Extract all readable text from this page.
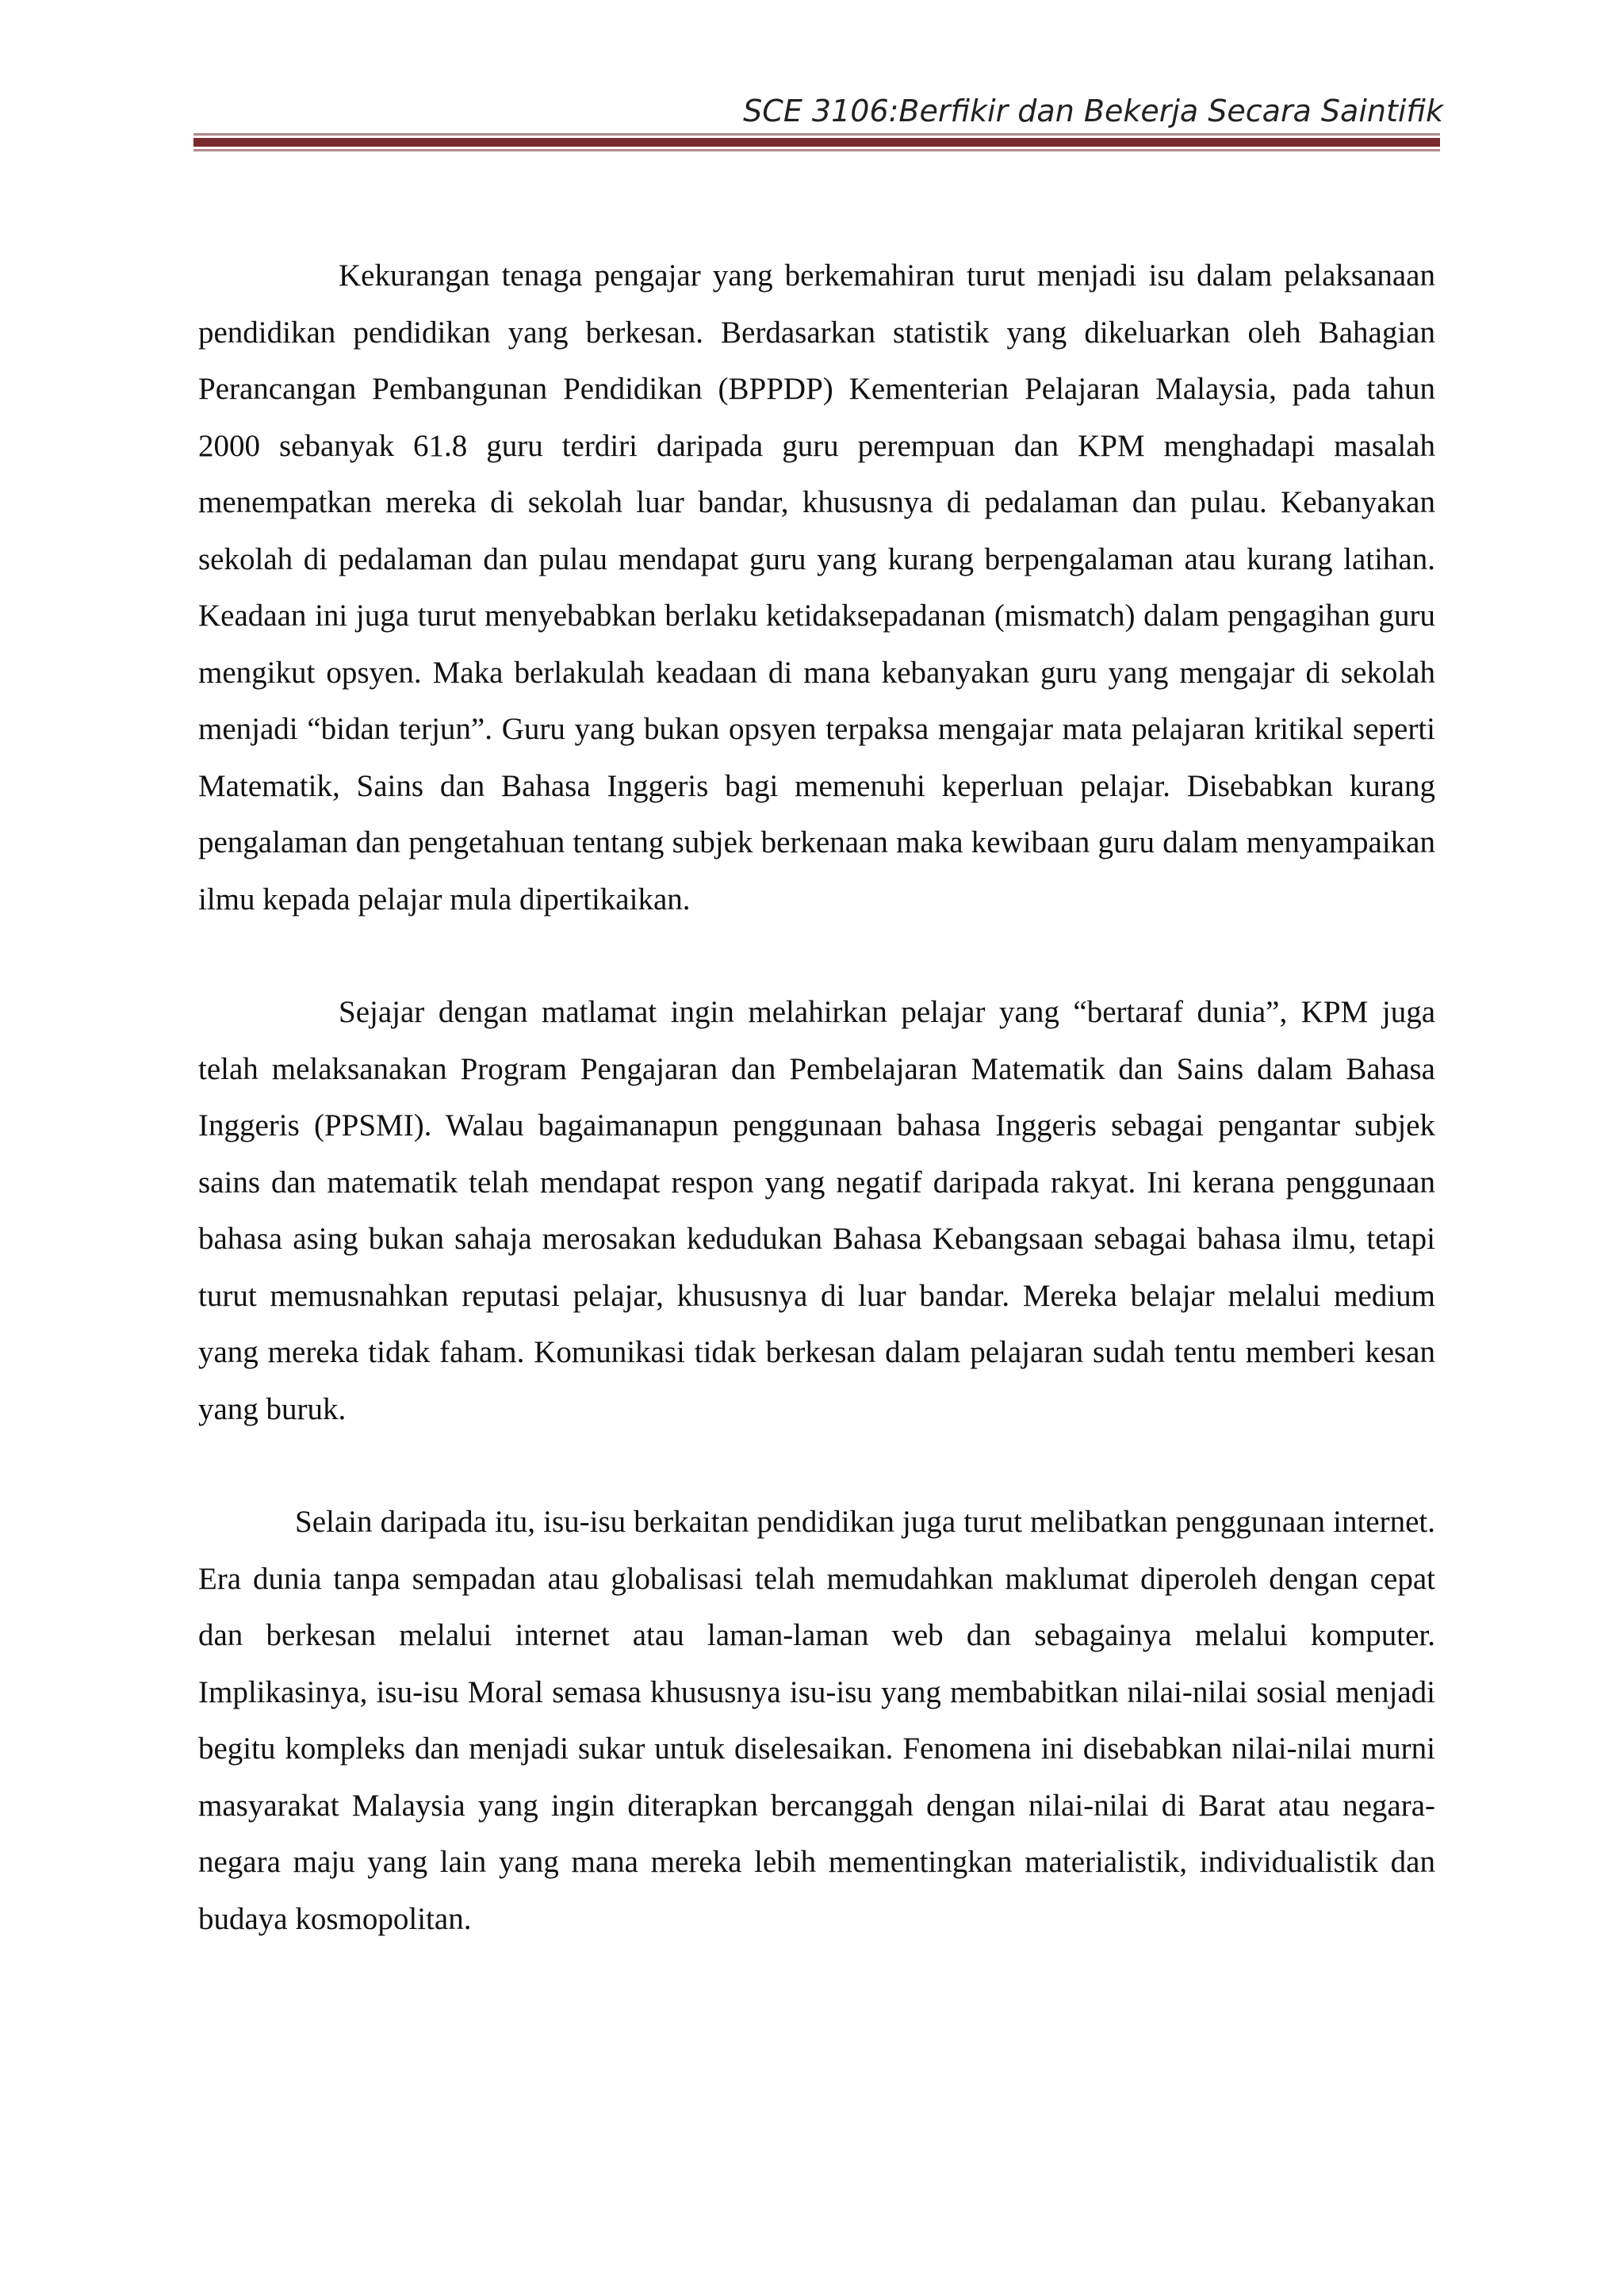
SCE 3106:Berfikir dan Bekerja Secara Saintifik

Kekurangan tenaga pengajar yang berkemahiran turut menjadi isu dalam pelaksanaan pendidikan pendidikan yang berkesan. Berdasarkan statistik yang dikeluarkan oleh Bahagian Perancangan Pembangunan Pendidikan (BPPDP) Kementerian Pelajaran Malaysia, pada tahun 2000 sebanyak 61.8 guru terdiri daripada guru perempuan dan KPM menghadapi masalah menempatkan mereka di sekolah luar bandar, khususnya di pedalaman dan pulau. Kebanyakan sekolah di pedalaman dan pulau mendapat guru yang kurang berpengalaman atau kurang latihan. Keadaan ini juga turut menyebabkan berlaku ketidaksepadanan (mismatch) dalam pengagihan guru mengikut opsyen. Maka berlakulah keadaan di mana kebanyakan guru yang mengajar di sekolah menjadi “bidan terjun”. Guru yang bukan opsyen terpaksa mengajar mata pelajaran kritikal seperti Matematik, Sains dan Bahasa Inggeris bagi memenuhi keperluan pelajar. Disebabkan kurang pengalaman dan pengetahuan tentang subjek berkenaan maka kewibaan guru dalam menyampaikan ilmu kepada pelajar mula dipertikaikan.

Sejajar dengan matlamat ingin melahirkan pelajar yang “bertaraf dunia”, KPM juga telah melaksanakan Program Pengajaran dan Pembelajaran Matematik dan Sains dalam Bahasa Inggeris (PPSMI). Walau bagaimanapun penggunaan bahasa Inggeris sebagai pengantar subjek sains dan matematik telah mendapat respon yang negatif daripada rakyat. Ini kerana penggunaan bahasa asing bukan sahaja merosakan kedudukan Bahasa Kebangsaan sebagai bahasa ilmu, tetapi turut memusnahkan reputasi pelajar, khususnya di luar bandar. Mereka belajar melalui medium yang mereka tidak faham. Komunikasi tidak berkesan dalam pelajaran sudah tentu memberi kesan yang buruk.

Selain daripada itu, isu-isu berkaitan pendidikan juga turut melibatkan penggunaan internet. Era dunia tanpa sempadan atau globalisasi telah memudahkan maklumat diperoleh dengan cepat dan berkesan melalui internet atau laman-laman web dan sebagainya melalui komputer. Implikasinya, isu-isu Moral semasa khususnya isu-isu yang membabitkan nilai-nilai sosial menjadi begitu kompleks dan menjadi sukar untuk diselesaikan. Fenomena ini disebabkan nilai-nilai murni masyarakat Malaysia yang ingin diterapkan bercanggah dengan nilai-nilai di Barat atau negara-negara maju yang lain yang mana mereka lebih mementingkan materialistik, individualistik dan budaya kosmopolitan.
